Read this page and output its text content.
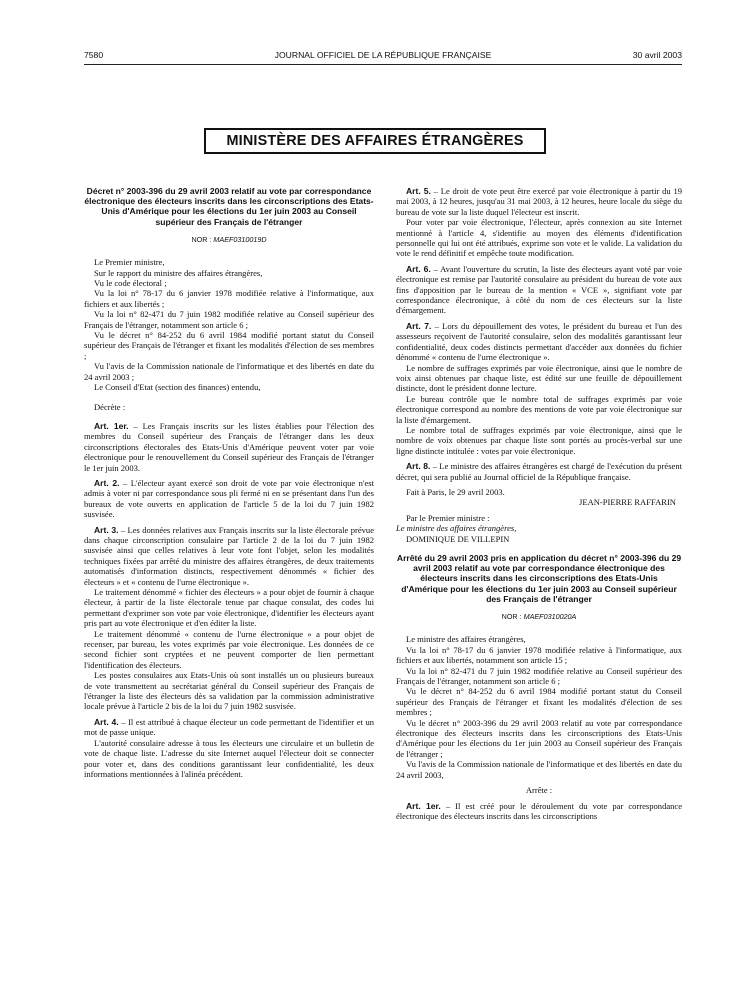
7580	JOURNAL OFFICIEL DE LA RÉPUBLIQUE FRANÇAISE	30 avril 2003
MINISTÈRE DES AFFAIRES ÉTRANGÈRES

Décret n° 2003-396 du 29 avril 2003 relatif au vote par correspondance électronique des électeurs inscrits dans les circonscriptions des Etats-Unis d'Amérique pour les élections du 1er juin 2003 au Conseil supérieur des Français de l'étranger

NOR : MAEF0310019D

Le Premier ministre,

Sur le rapport du ministre des affaires étrangères,

Vu le code électoral ;

Vu la loi n° 78-17 du 6 janvier 1978 modifiée relative à l'informatique, aux fichiers et aux libertés ;

Vu la loi n° 82-471 du 7 juin 1982 modifiée relative au Conseil supérieur des Français de l'étranger, notamment son article 6 ;

Vu le décret n° 84-252 du 6 avril 1984 modifié portant statut du Conseil supérieur des Français de l'étranger et fixant les modalités d'élection de ses membres ;

Vu l'avis de la Commission nationale de l'informatique et des libertés en date du 24 avril 2003 ;

Le Conseil d'Etat (section des finances) entendu,

Décrète :

Art. 1er. – Les Français inscrits sur les listes établies pour l'élection des membres du Conseil supérieur des Français de l'étranger dans les deux circonscriptions électorales des Etats-Unis d'Amérique peuvent voter par voie électronique pour le renouvellement du Conseil supérieur des Français de l'étranger le 1er juin 2003.

Art. 2. – L'électeur ayant exercé son droit de vote par voie électronique n'est admis à voter ni par correspondance sous pli fermé ni en se présentant dans l'un des bureaux de vote ouverts en application de l'article 5 de la loi du 7 juin 1982 susvisée.

Art. 3. – Les données relatives aux Français inscrits sur la liste électorale prévue dans chaque circonscription consulaire par l'article 2 de la loi du 7 juin 1982 susvisée ainsi que celles relatives à leur vote font l'objet, selon les modalités techniques fixées par arrêté du ministre des affaires étrangères, de deux traitements automatisés d'information distincts, respectivement dénommés « fichier des électeurs » et « contenu de l'urne électronique ».

Le traitement dénommé « fichier des électeurs » a pour objet de fournir à chaque électeur, à partir de la liste électorale tenue par chaque consulat, des codes lui permettant d'exprimer son vote par voie électronique, d'identifier les électeurs ayant pris part au vote électronique et d'en éditer la liste.

Le traitement dénommé « contenu de l'urne électronique » a pour objet de recenser, par bureau, les votes exprimés par voie électronique. Les données de ce second fichier sont cryptées et ne peuvent comporter de lien permettant l'identification des électeurs.

Les postes consulaires aux Etats-Unis où sont installés un ou plusieurs bureaux de vote transmettent au secrétariat général du Conseil supérieur des Français de l'étranger la liste des électeurs dès sa validation par la commission administrative locale prévue à l'article 2 bis de la loi du 7 juin 1982 susvisée.

Art. 4. – Il est attribué à chaque électeur un code permettant de l'identifier et un mot de passe unique.

L'autorité consulaire adresse à tous les électeurs une circulaire et un bulletin de vote de chaque liste. L'adresse du site Internet auquel l'électeur doit se connecter pour voter et, dans des conditions garantissant leur confidentialité, les deux informations mentionnées à l'alinéa précédent.

Art. 5. – Le droit de vote peut être exercé par voie électronique à partir du 19 mai 2003, à 12 heures, jusqu'au 31 mai 2003, à 12 heures, heure locale du siège du bureau de vote sur la liste duquel l'électeur est inscrit.

Pour voter par voie électronique, l'électeur, après connexion au site Internet mentionné à l'article 4, s'identifie au moyen des éléments d'identification personnelle qui lui ont été attribués, exprime son vote et le valide. La validation du vote le rend définitif et empêche toute modification.

Art. 6. – Avant l'ouverture du scrutin, la liste des électeurs ayant voté par voie électronique est remise par l'autorité consulaire au président du bureau de vote aux fins d'apposition par le bureau de la mention « VCE », signifiant vote par correspondance électronique, à côté du nom de ces électeurs sur la liste d'émargement.

Art. 7. – Lors du dépouillement des votes, le président du bureau et l'un des assesseurs reçoivent de l'autorité consulaire, selon des modalités garantissant leur confidentialité, deux codes distincts permettant d'accéder aux données du fichier dénommé « contenu de l'urne électronique ».

Le nombre de suffrages exprimés par voie électronique, ainsi que le nombre de voix ainsi obtenues par chaque liste, est édité sur une feuille de dépouillement distincte, dont le président donne lecture.

Le bureau contrôle que le nombre total de suffrages exprimés par voie électronique correspond au nombre des mentions de vote par voie électronique sur la liste d'émargement.

Le nombre total de suffrages exprimés par voie électronique, ainsi que le nombre de voix obtenues par chaque liste sont portés au procès-verbal sur une ligne distincte intitulée : votes par voie électronique.

Art. 8. – Le ministre des affaires étrangères est chargé de l'exécution du présent décret, qui sera publié au Journal officiel de la République française.

Fait à Paris, le 29 avril 2003.

JEAN-PIERRE RAFFARIN

Par le Premier ministre :

Le ministre des affaires étrangères,

DOMINIQUE DE VILLEPIN

Arrêté du 29 avril 2003 pris en application du décret n° 2003-396 du 29 avril 2003 relatif au vote par correspondance électronique des électeurs inscrits dans les circonscriptions des Etats-Unis d'Amérique pour les élections du 1er juin 2003 au Conseil supérieur des Français de l'étranger

NOR : MAEF0310020A

Le ministre des affaires étrangères,

Vu la loi n° 78-17 du 6 janvier 1978 modifiée relative à l'informatique, aux fichiers et aux libertés, notamment son article 15 ;

Vu la loi n° 82-471 du 7 juin 1982 modifiée relative au Conseil supérieur des Français de l'étranger, notamment son article 6 ;

Vu le décret n° 84-252 du 6 avril 1984 modifié portant statut du Conseil supérieur des Français de l'étranger et fixant les modalités d'élection de ses membres ;

Vu le décret n° 2003-396 du 29 avril 2003 relatif au vote par correspondance électronique des électeurs inscrits dans les circonscriptions des Etats-Unis d'Amérique pour les élections du 1er juin 2003 au Conseil supérieur des Français de l'étranger ;

Vu l'avis de la Commission nationale de l'informatique et des libertés en date du 24 avril 2003,

Arrête :

Art. 1er. – Il est créé pour le déroulement du vote par correspondance électronique des électeurs inscrits dans les circonscriptions
